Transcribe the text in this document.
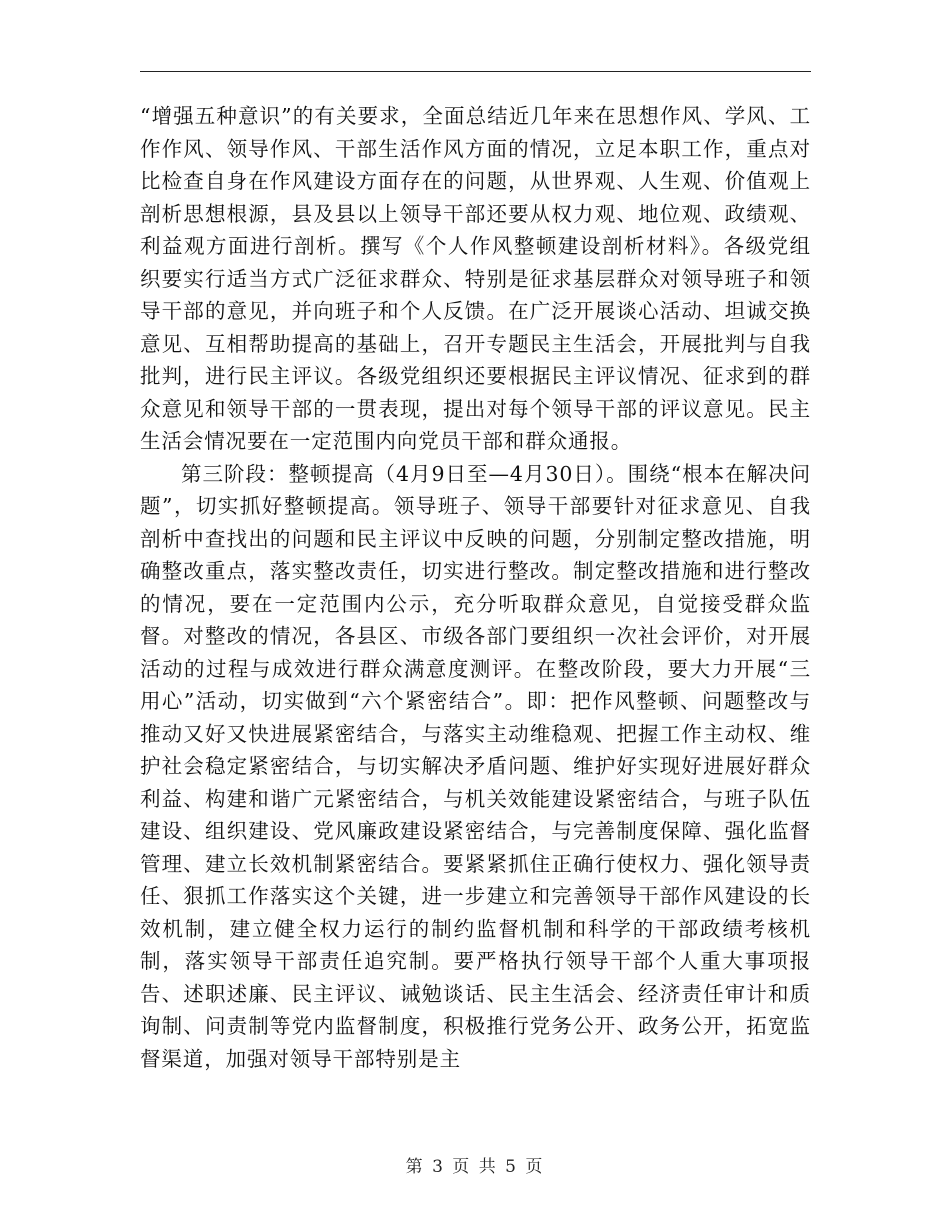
“增强五种意识”的有关要求，全面总结近几年来在思想作风、学风、工作作风、领导作风、干部生活作风方面的情况，立足本职工作，重点对比检查自身在作风建设方面存在的问题，从世界观、人生观、价值观上剖析思想根源，县及县以上领导干部还要从权力观、地位观、政绩观、利益观方面进行剖析。撰写《个人作风整顿建设剖析材料》。各级党组织要实行适当方式广泛征求群众、特别是征求基层群众对领导班子和领导干部的意见，并向班子和个人反馈。在广泛开展谈心活动、坦诚交换意见、互相帮助提高的基础上，召开专题民主生活会，开展批判与自我批判，进行民主评议。各级党组织还要根据民主评议情况、征求到的群众意见和领导干部的一贯表现，提出对每个领导干部的评议意见。民主生活会情况要在一定范围内向党员干部和群众通报。

第三阶段：整顿提高（4月9日至—4月30日）。围绕“根本在解决问题”，切实抓好整顿提高。领导班子、领导干部要针对征求意见、自我剖析中查找出的问题和民主评议中反映的问题，分别制定整改措施，明确整改重点，落实整改责任，切实进行整改。制定整改措施和进行整改的情况，要在一定范围内公示，充分听取群众意见，自觉接受群众监督。对整改的情况，各县区、市级各部门要组织一次社会评价，对开展活动的过程与成效进行群众满意度测评。在整改阶段，要大力开展“三用心”活动，切实做到“六个紧密结合”。即：把作风整顿、问题整改与推动又好又快进展紧密结合，与落实主动维稳观、把握工作主动权、维护社会稳定紧密结合，与切实解决矛盾问题、维护好实现好进展好群众利益、构建和谐广元紧密结合，与机关效能建设紧密结合，与班子队伍建设、组织建设、党风廉政建设紧密结合，与完善制度保障、强化监督管理、建立长效机制紧密结合。要紧紧抓住正确行使权力、强化领导责任、狠抓工作落实这个关键，进一步建立和完善领导干部作风建设的长效机制，建立健全权力运行的制约监督机制和科学的干部政绩考核机制，落实领导干部责任追究制。要严格执行领导干部个人重大事项报告、述职述廉、民主评议、诫勉谈话、民主生活会、经济责任审计和质询制、问责制等党内监督制度，积极推行党务公开、政务公开，拓宽监督渠道，加强对领导干部特别是主

第 3 页 共 5 页
